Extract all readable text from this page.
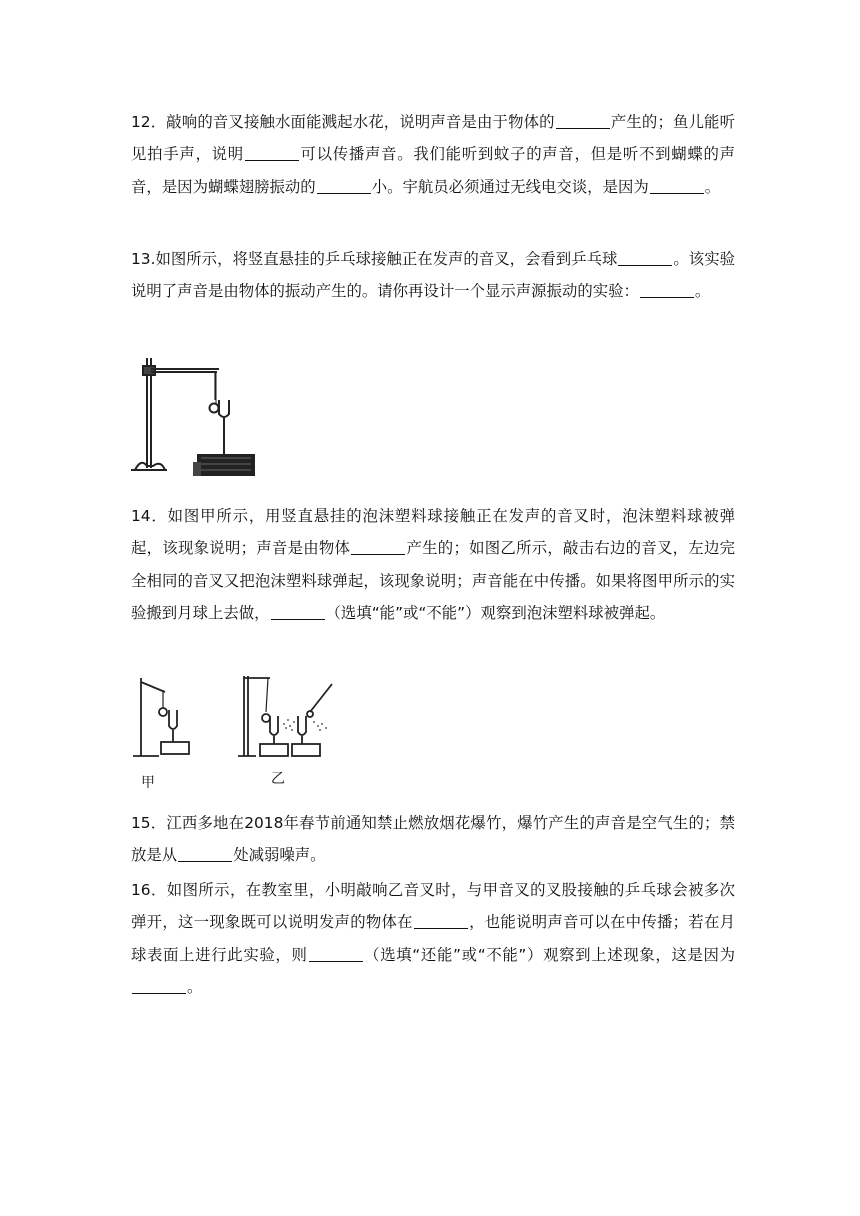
12．敲响的音叉接触水面能溅起水花，说明声音是由于物体的	产生的；鱼儿能听见拍手声，说明	可以传播声音。我们能听到蚊子的声音，但是听不到蝴蝶的声音，是因为蝴蝶翅膀振动的	小。宇航员必须通过无线电交谈，是因为	。

13.如图所示，将竖直悬挂的乒乓球接触正在发声的音叉，会看到乒乓球	。该实验说明了声音是由物体的振动产生的。请你再设计一个显示声源振动的实验：	。

14．如图甲所示，用竖直悬挂的泡沫塑料球接触正在发声的音叉时，泡沫塑料球被弹起，该现象说明；声音是由物体	产生的；如图乙所示，敲击右边的音叉，左边完全相同的音叉又把泡沫塑料球弹起，该现象说明；声音能在中传播。如果将图甲所示的实验搬到月球上去做，	（选填“能”或“不能”）观察到泡沫塑料球被弹起。

甲	乙

15．江西多地在2018年春节前通知禁止燃放烟花爆竹，爆竹产生的声音是空气生的；禁放是从	处减弱噪声。

16．如图所示，在教室里，小明敲响乙音叉时，与甲音叉的叉股接触的乒乓球会被多次弹开，这一现象既可以说明发声的物体在	，也能说明声音可以在中传播；若在月球表面上进行此实验，则	（选填“还能”或“不能”）观察到上述现象，这是因为。
